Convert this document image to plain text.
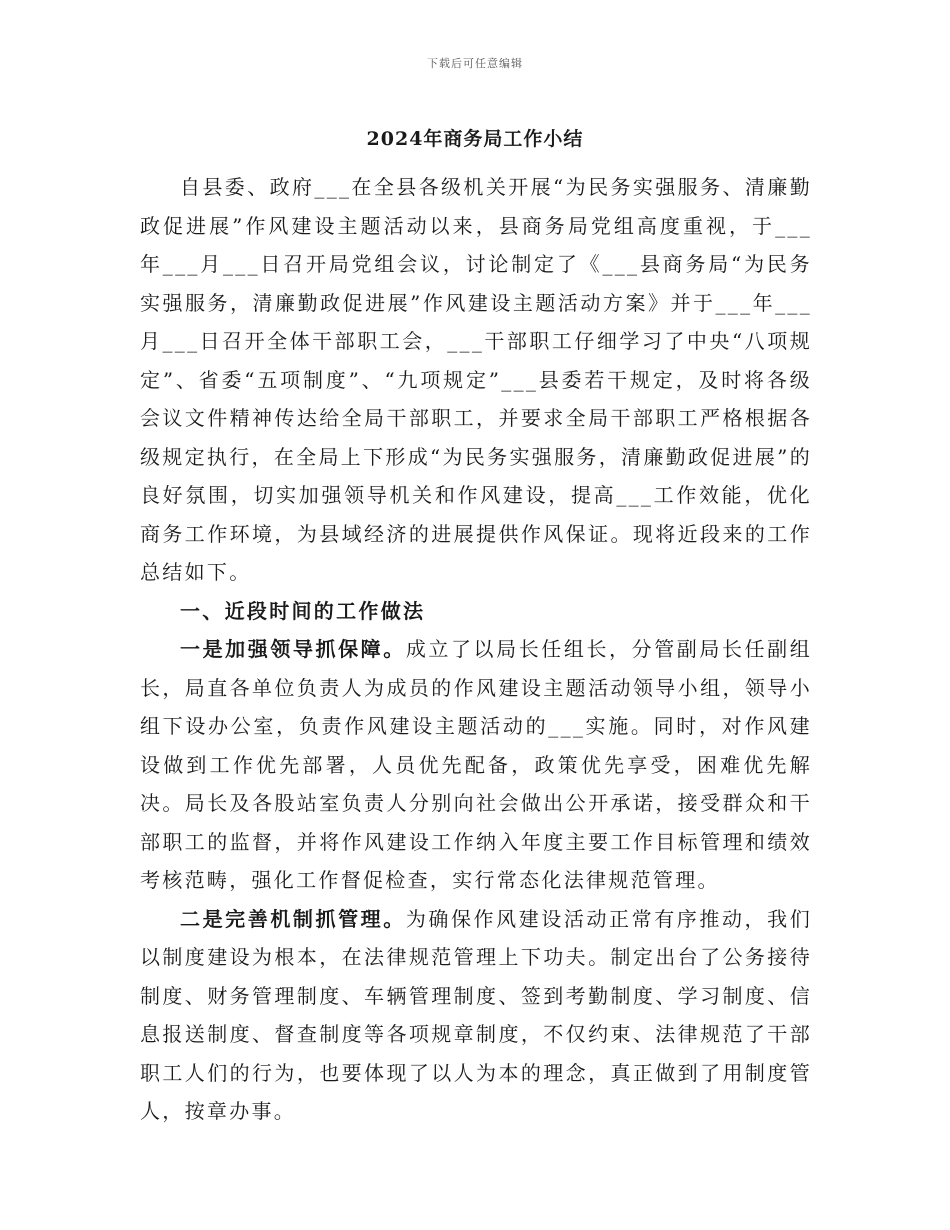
下载后可任意编辑
2024年商务局工作小结

自县委、政府___在全县各级机关开展“为民务实强服务、清廉勤政促进展”作风建设主题活动以来，县商务局党组高度重视，于___年___月___日召开局党组会议，讨论制定了《___县商务局“为民务实强服务，清廉勤政促进展”作风建设主题活动方案》并于___年___月___日召开全体干部职工会，___干部职工仔细学习了中央“八项规定”、省委“五项制度”、“九项规定”___县委若干规定，及时将各级会议文件精神传达给全局干部职工，并要求全局干部职工严格根据各级规定执行，在全局上下形成“为民务实强服务，清廉勤政促进展”的良好氛围，切实加强领导机关和作风建设，提高___工作效能，优化商务工作环境，为县域经济的进展提供作风保证。现将近段来的工作总结如下。

一、近段时间的工作做法

一是加强领导抓保障。成立了以局长任组长，分管副局长任副组长，局直各单位负责人为成员的作风建设主题活动领导小组，领导小组下设办公室，负责作风建设主题活动的___实施。同时，对作风建设做到工作优先部署，人员优先配备，政策优先享受，困难优先解决。局长及各股站室负责人分别向社会做出公开承诺，接受群众和干部职工的监督，并将作风建设工作纳入年度主要工作目标管理和绩效考核范畴，强化工作督促检查，实行常态化法律规范管理。

二是完善机制抓管理。为确保作风建设活动正常有序推动，我们以制度建设为根本，在法律规范管理上下功夫。制定出台了公务接待制度、财务管理制度、车辆管理制度、签到考勤制度、学习制度、信息报送制度、督查制度等各项规章制度，不仅约束、法律规范了干部职工人们的行为，也要体现了以人为本的理念，真正做到了用制度管人，按章办事。
